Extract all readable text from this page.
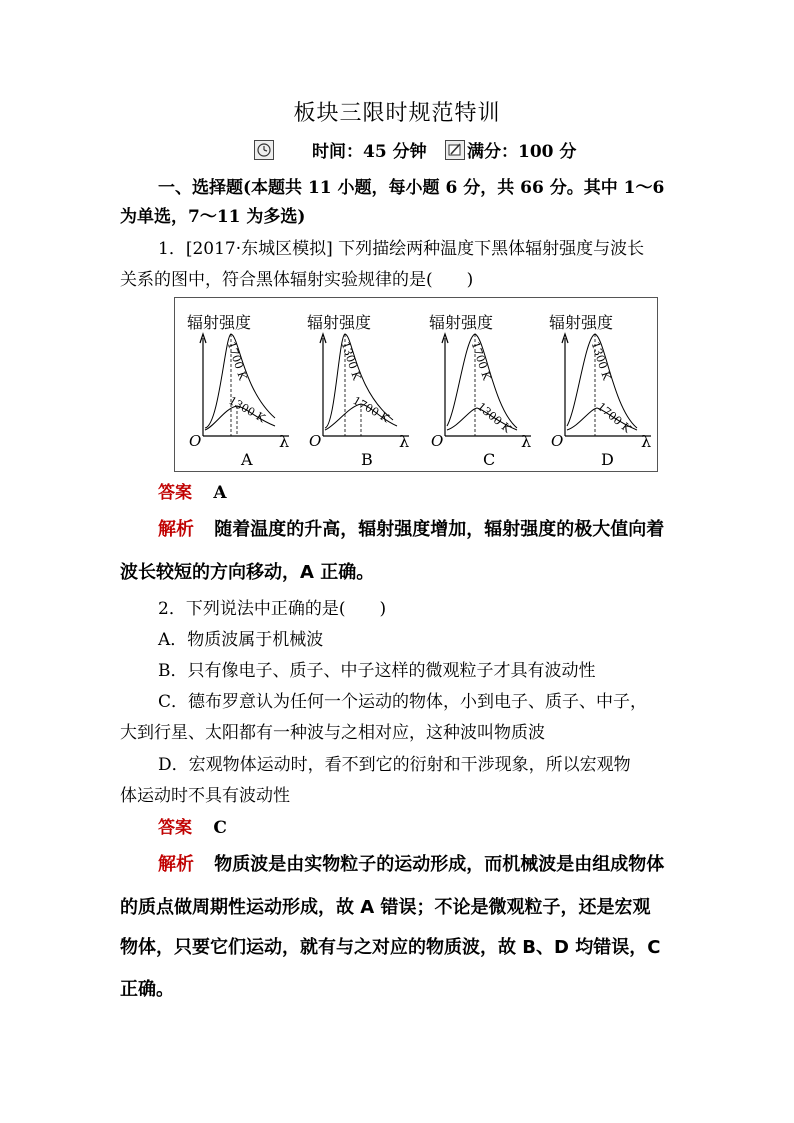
板块三限时规范特训
时间：45 分钟 满分：100 分
一、选择题(本题共 11 小题，每小题 6 分，共 66 分。其中 1～6
为单选，7～11 为多选)
1．[2017·东城区模拟] 下列描绘两种温度下黑体辐射强度与波长
关系的图中，符合黑体辐射实验规律的是(　　)
辐射强度
1700 K
1300 K
O	λ
A
辐射强度
1300 K
1700 K
O	λ
B
辐射强度
1700 K
1300 K
O	λ
C
辐射强度
1300 K
1700 K
O	λ
D
答案 A
解析 随着温度的升高，辐射强度增加，辐射强度的极大值向着
波长较短的方向移动，A 正确。
2．下列说法中正确的是(　　)
A．物质波属于机械波
B．只有像电子、质子、中子这样的微观粒子才具有波动性
C．德布罗意认为任何一个运动的物体，小到电子、质子、中子，
大到行星、太阳都有一种波与之相对应，这种波叫物质波
D．宏观物体运动时，看不到它的衍射和干涉现象，所以宏观物
体运动时不具有波动性
答案 C
解析 物质波是由实物粒子的运动形成，而机械波是由组成物体
的质点做周期性运动形成，故 A 错误；不论是微观粒子，还是宏观
物体，只要它们运动，就有与之对应的物质波，故 B、D 均错误，C
正确。
